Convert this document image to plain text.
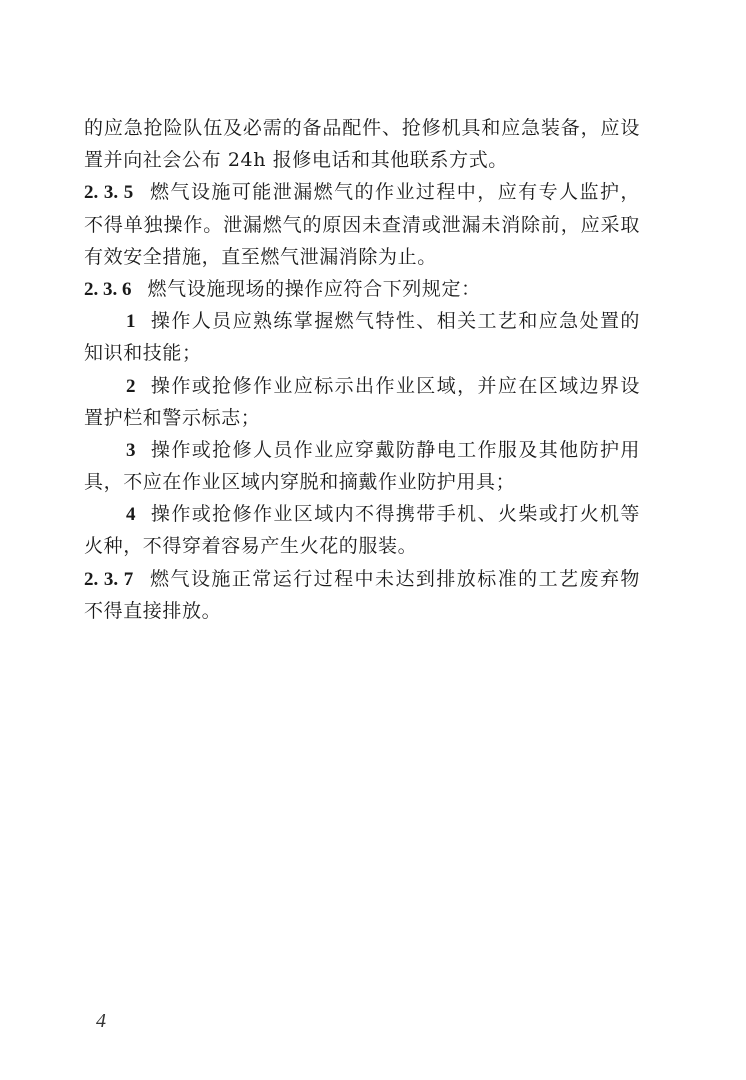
的应急抢险队伍及必需的备品配件、抢修机具和应急装备，应设
置并向社会公布 24h 报修电话和其他联系方式。
2. 3. 5 燃气设施可能泄漏燃气的作业过程中，应有专人监护，
不得单独操作。泄漏燃气的原因未查清或泄漏未消除前，应采取
有效安全措施，直至燃气泄漏消除为止。
2. 3. 6 燃气设施现场的操作应符合下列规定：
1 操作人员应熟练掌握燃气特性、相关工艺和应急处置的
知识和技能；
2 操作或抢修作业应标示出作业区域，并应在区域边界设
置护栏和警示标志；
3 操作或抢修人员作业应穿戴防静电工作服及其他防护用
具，不应在作业区域内穿脱和摘戴作业防护用具；
4 操作或抢修作业区域内不得携带手机、火柴或打火机等
火种，不得穿着容易产生火花的服装。
2. 3. 7 燃气设施正常运行过程中未达到排放标准的工艺废弃物
不得直接排放。
4
